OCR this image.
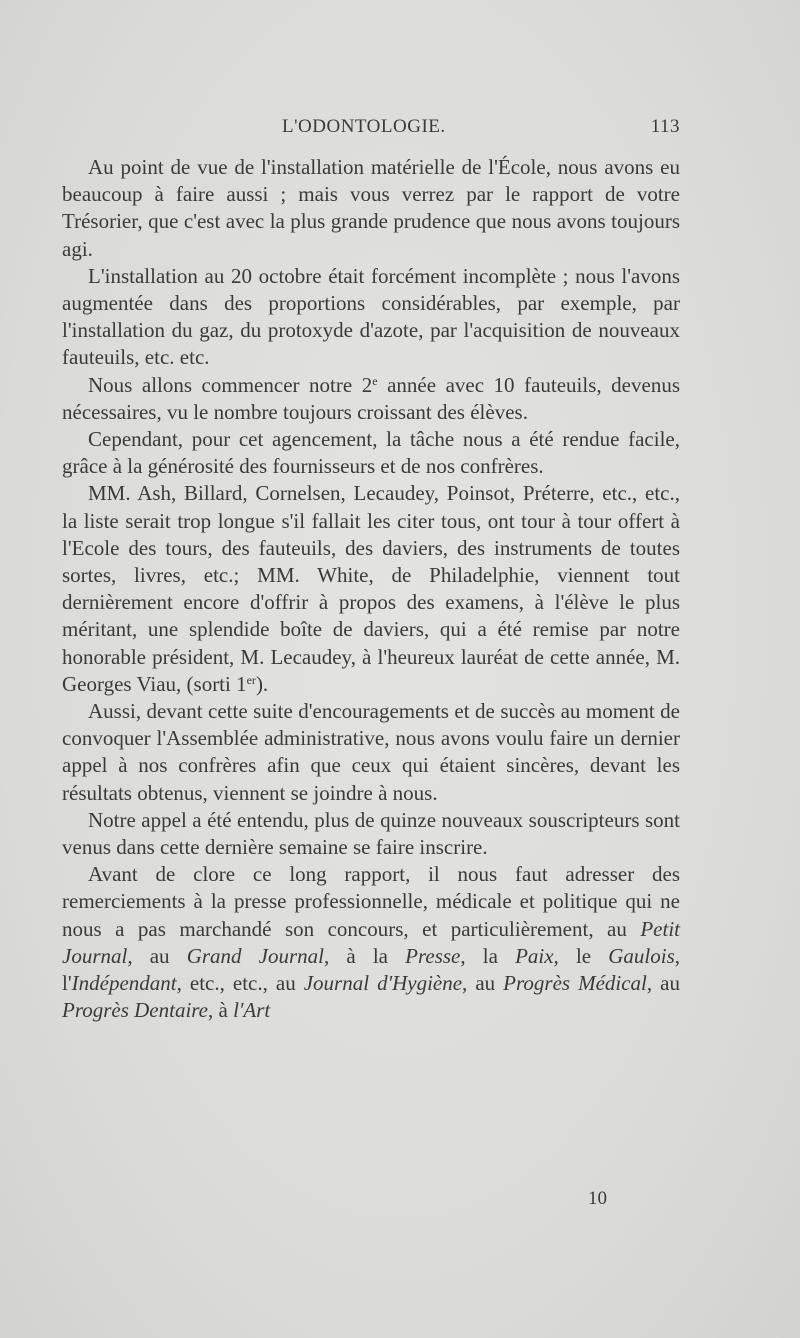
L'ODONTOLOGIE.	113

Au point de vue de l'installation matérielle de l'École, nous avons eu beaucoup à faire aussi ; mais vous verrez par le rapport de votre Trésorier, que c'est avec la plus grande prudence que nous avons toujours agi.

L'installation au 20 octobre était forcément incomplète ; nous l'avons augmentée dans des proportions considérables, par exemple, par l'installation du gaz, du protoxyde d'azote, par l'acquisition de nouveaux fauteuils, etc. etc.

Nous allons commencer notre 2e année avec 10 fauteuils, devenus nécessaires, vu le nombre toujours croissant des élèves.

Cependant, pour cet agencement, la tâche nous a été rendue facile, grâce à la générosité des fournisseurs et de nos confrères.

MM. Ash, Billard, Cornelsen, Lecaudey, Poinsot, Préterre, etc., etc., la liste serait trop longue s'il fallait les citer tous, ont tour à tour offert à l'Ecole des tours, des fauteuils, des daviers, des instruments de toutes sortes, livres, etc.; MM. White, de Philadelphie, viennent tout dernièrement encore d'offrir à propos des examens, à l'élève le plus méritant, une splendide boîte de daviers, qui a été remise par notre honorable président, M. Lecaudey, à l'heureux lauréat de cette année, M. Georges Viau, (sorti 1er).

Aussi, devant cette suite d'encouragements et de succès au moment de convoquer l'Assemblée administrative, nous avons voulu faire un dernier appel à nos confrères afin que ceux qui étaient sincères, devant les résultats obtenus, viennent se joindre à nous.

Notre appel a été entendu, plus de quinze nouveaux souscripteurs sont venus dans cette dernière semaine se faire inscrire.

Avant de clore ce long rapport, il nous faut adresser des remerciements à la presse professionnelle, médicale et politique qui ne nous a pas marchandé son concours, et particulièrement, au Petit Journal, au Grand Journal, à la Presse, la Paix, le Gaulois, l'Indépendant, etc., etc., au Journal d'Hygiène, au Progrès Médical, au Progrès Dentaire, à l'Art

10
